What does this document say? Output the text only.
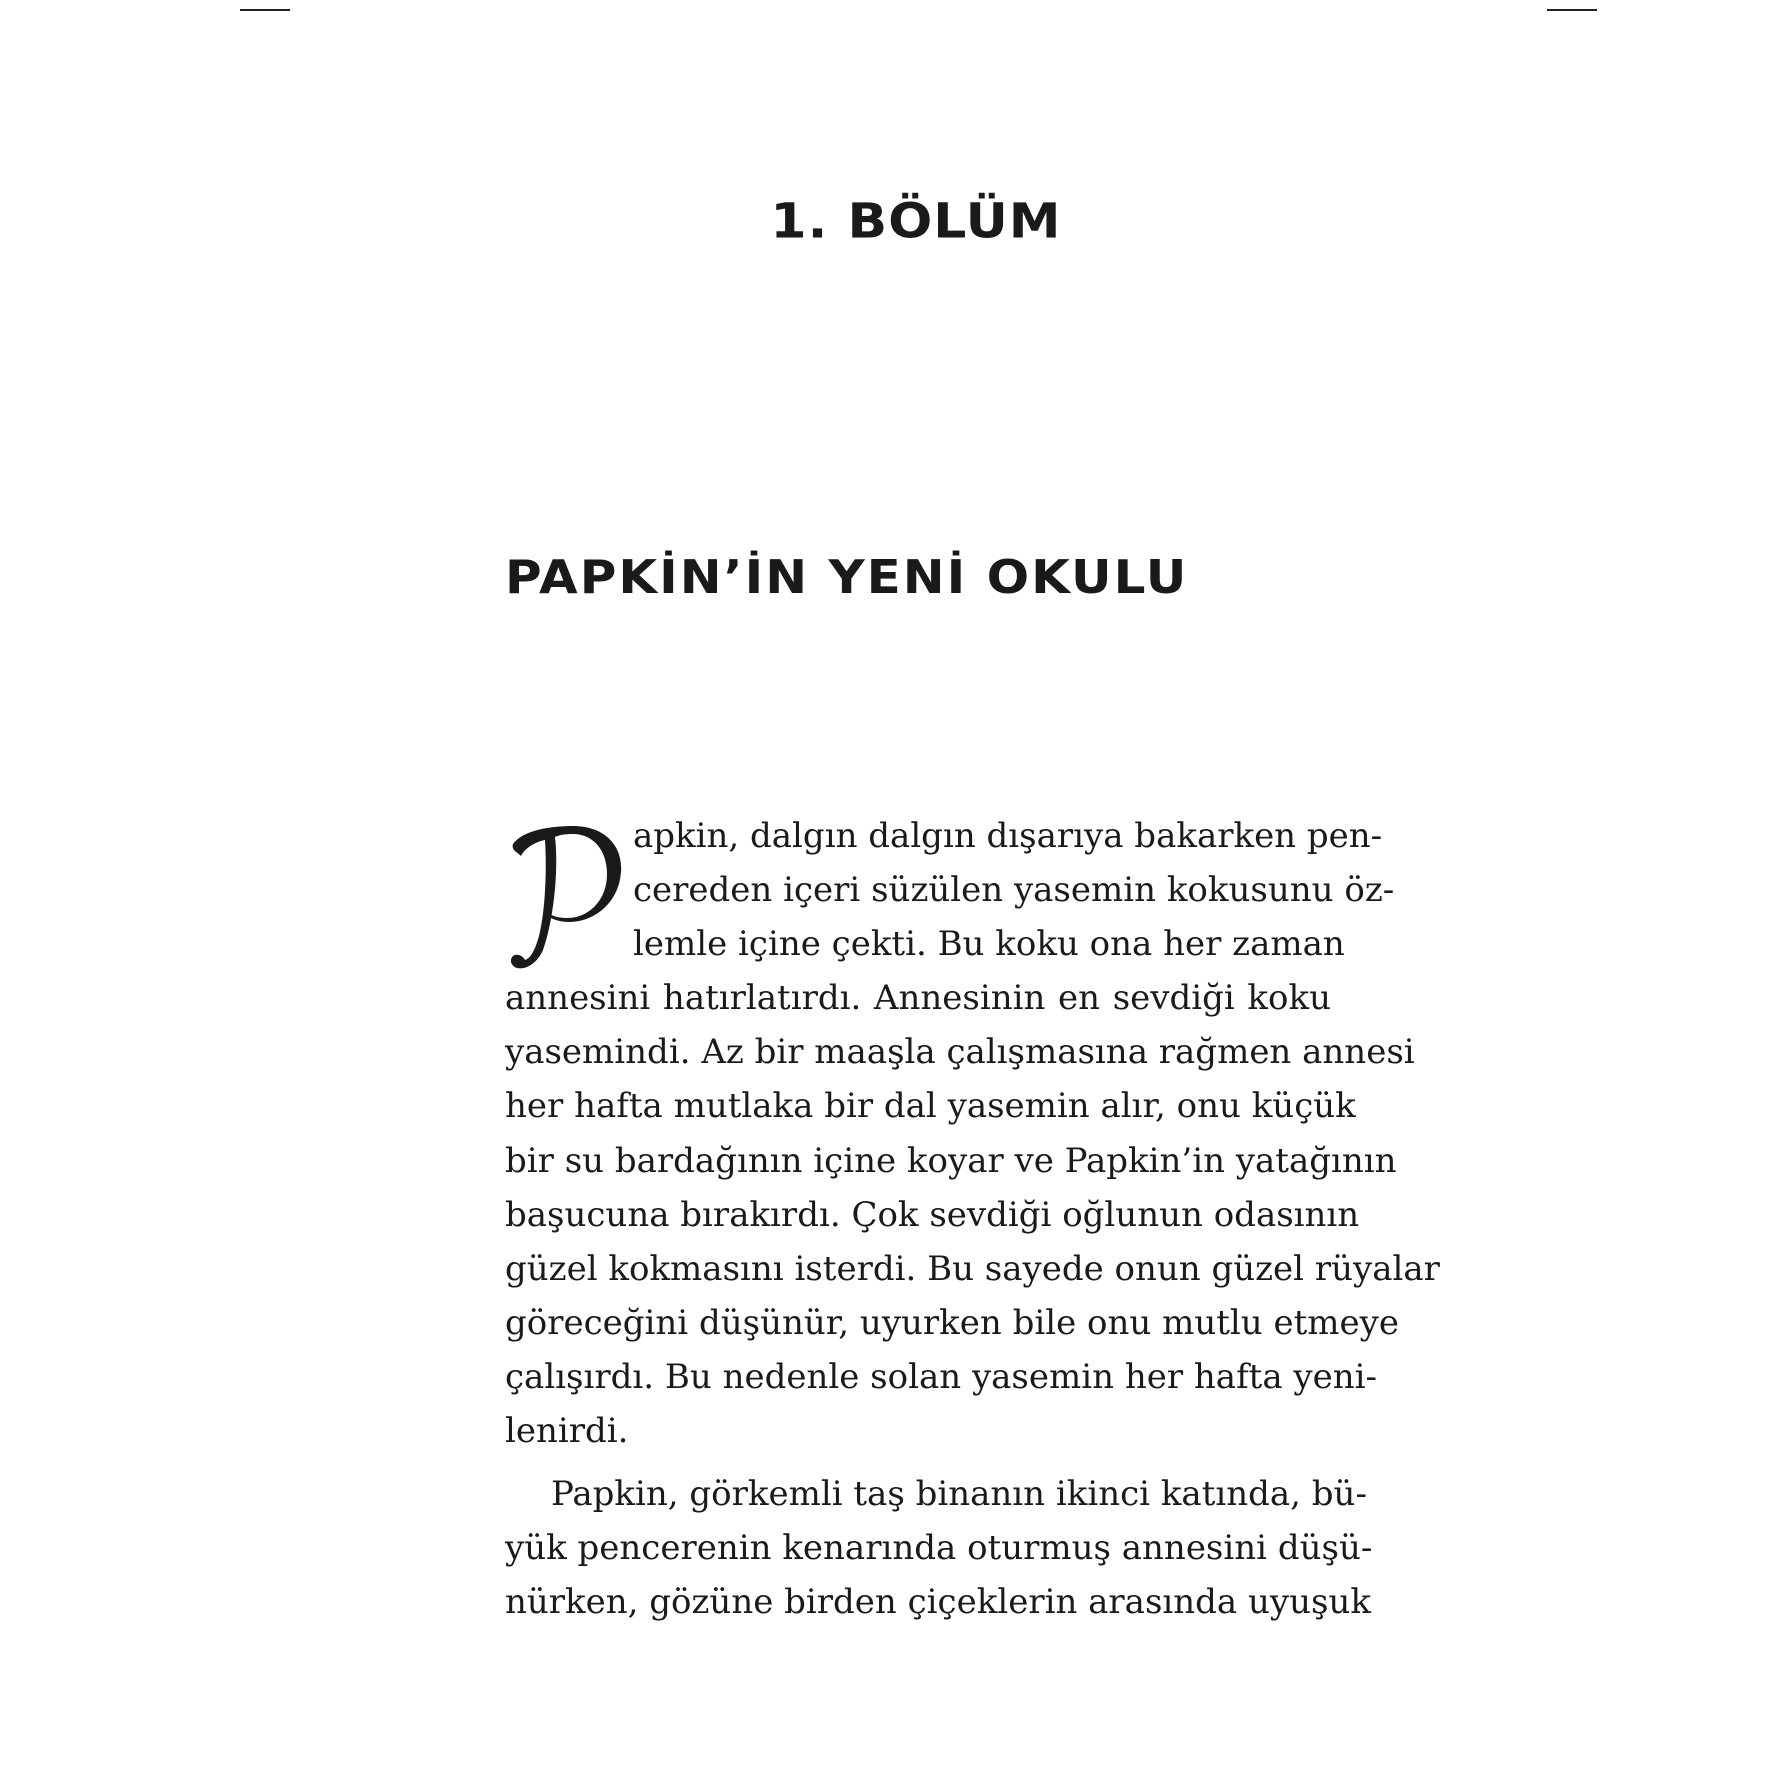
1. BÖLÜM
PAPKİN’İN YENİ OKULU
apkin, dalgın dalgın dışarıya bakarken pen-
cereden içeri süzülen yasemin kokusunu öz-
lemle içine çekti. Bu koku ona her zaman
annesini hatırlatırdı. Annesinin en sevdiği koku
yasemindi. Az bir maaşla çalışmasına rağmen annesi
her hafta mutlaka bir dal yasemin alır, onu küçük
bir su bardağının içine koyar ve Papkin’in yatağının
başucuna bırakırdı. Çok sevdiği oğlunun odasının
güzel kokmasını isterdi. Bu sayede onun güzel rüyalar
göreceğini düşünür, uyurken bile onu mutlu etmeye
çalışırdı. Bu nedenle solan yasemin her hafta yeni-
lenirdi.
Papkin, görkemli taş binanın ikinci katında, bü-
yük pencerenin kenarında oturmuş annesini düşü-
nürken, gözüne birden çiçeklerin arasında uyuşuk
